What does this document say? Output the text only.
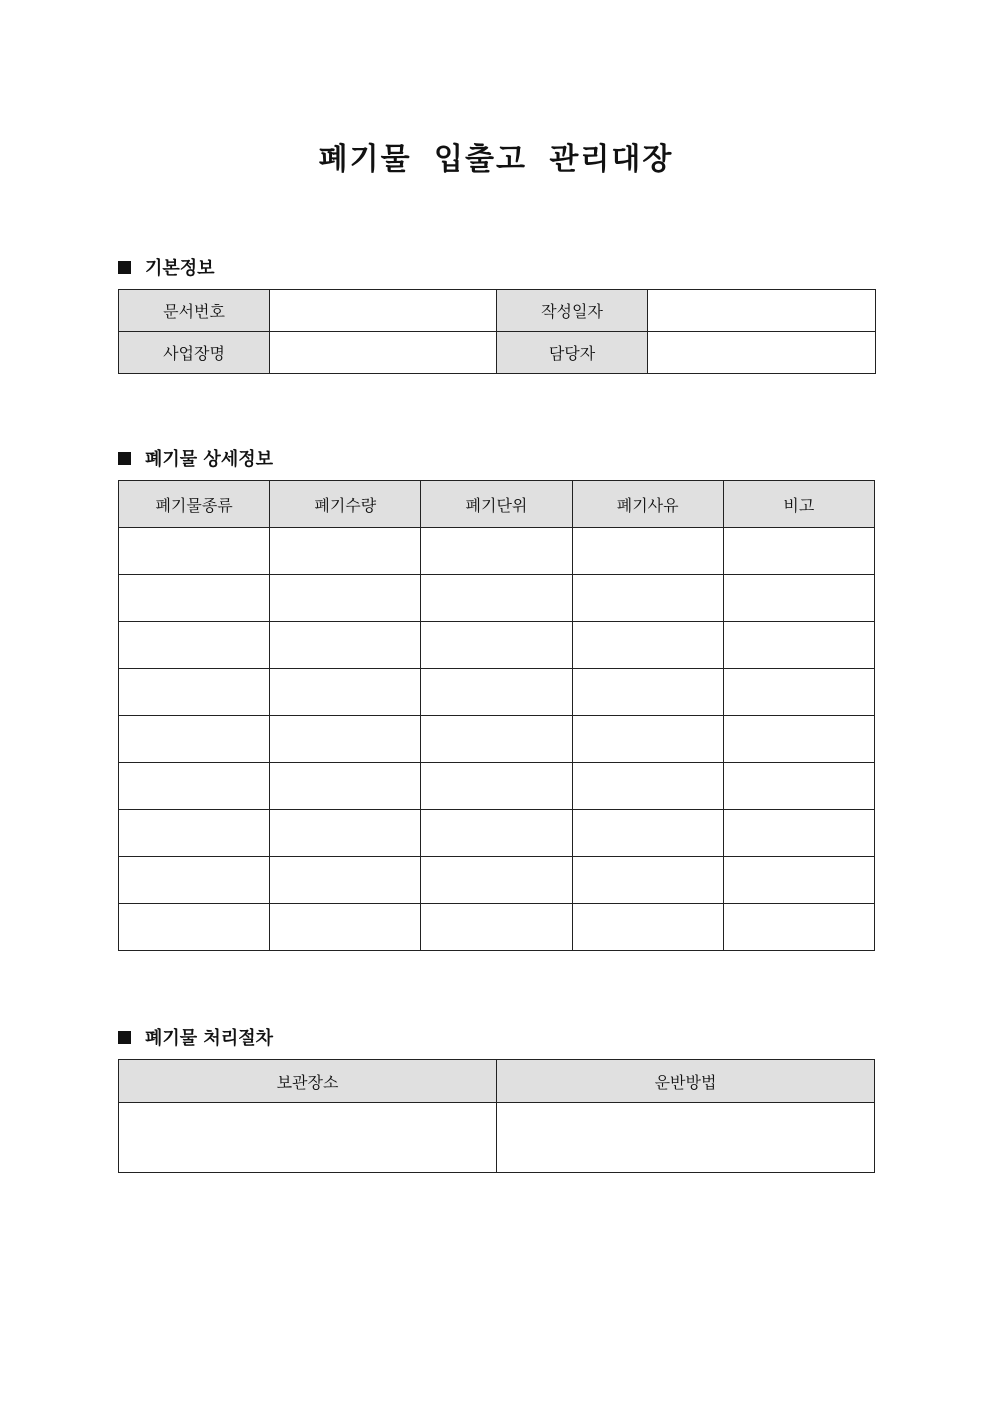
폐기물 입출고 관리대장
기본정보
문서번호		작성일자	
사업장명		담당자	
폐기물 상세정보
폐기물종류	폐기수량	폐기단위	폐기사유	비고

폐기물 처리절차
보관장소	운반방법
